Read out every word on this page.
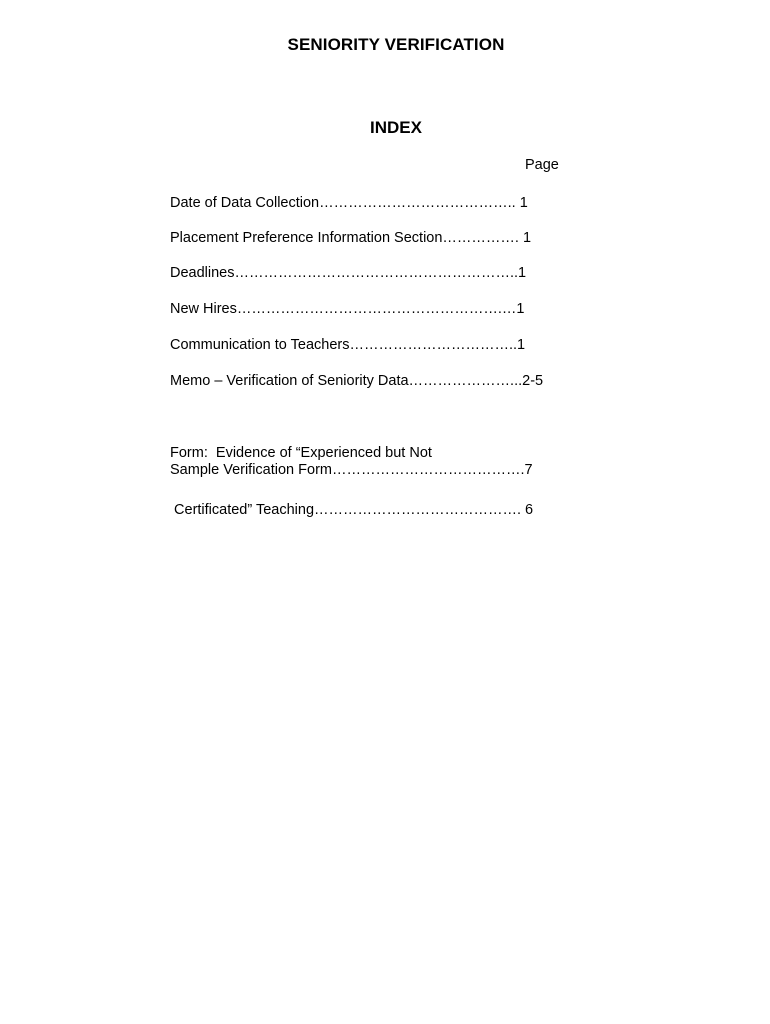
SENIORITY VERIFICATION
INDEX
Page
Date of Data Collection………………………………….. 1
Placement Preference Information Section……………. 1
Deadlines…………………………………………………..1
New Hires……………………………………………….…1
Communication to Teachers……………………………..1
Memo – Verification of Seniority Data…………………...2-5

Form:  Evidence of “Experienced but Not

Certificated” Teaching……………………………………. 6

Sample Verification Form………………………………….7
